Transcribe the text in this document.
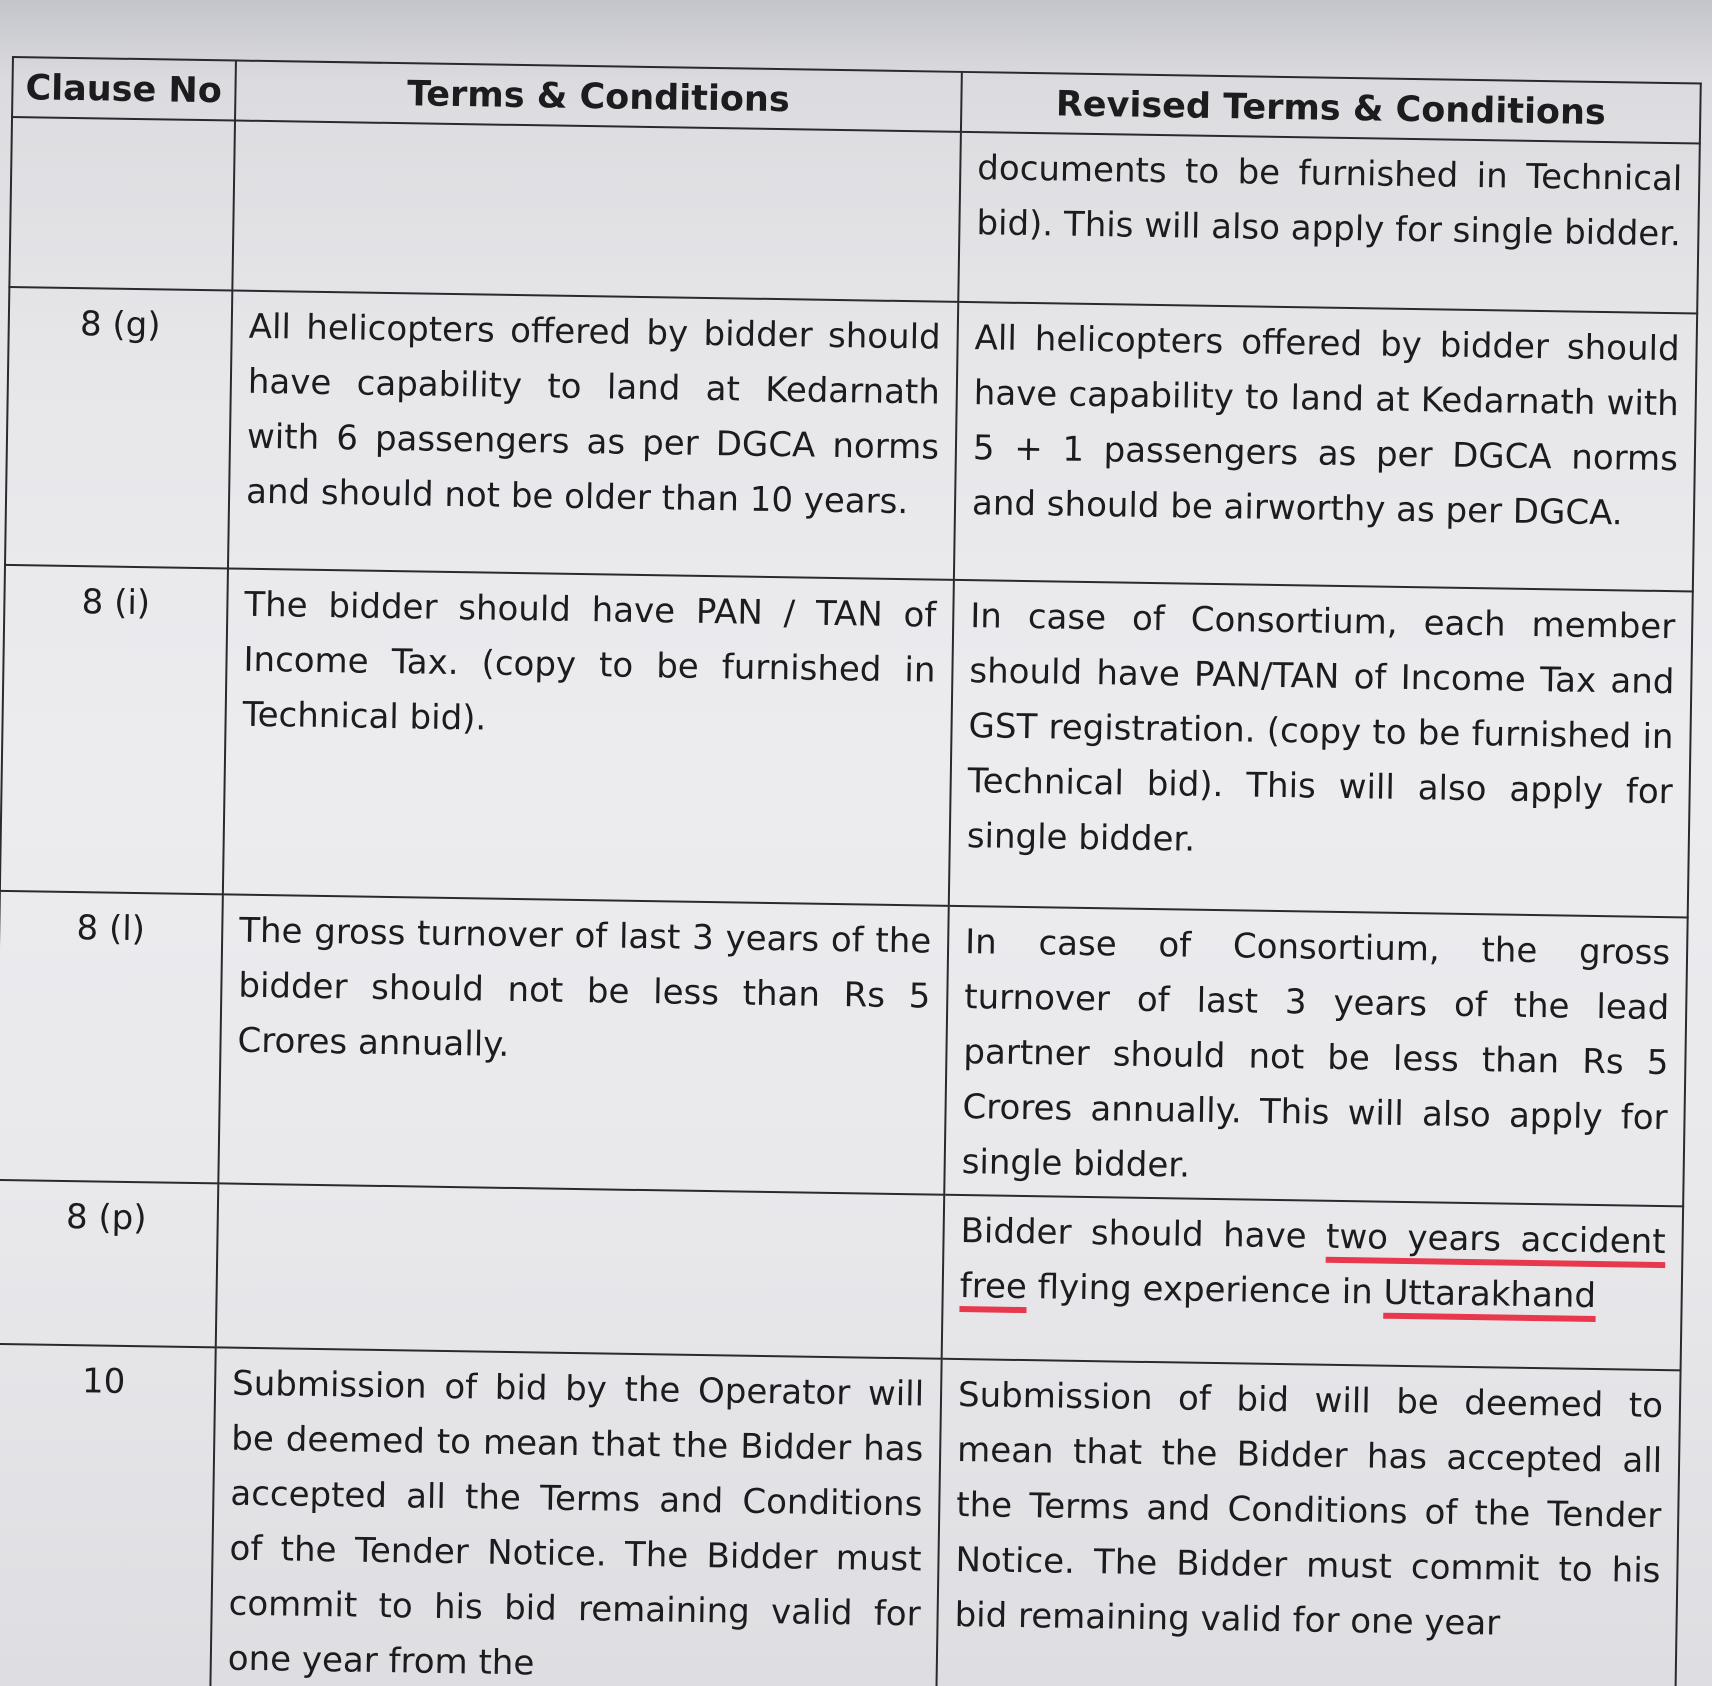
Clause No	Terms & Conditions	Revised Terms & Conditions
		documents to be furnished in Technical bid). This will also apply for single bidder.
8 (g)	All helicopters offered by bidder should have capability to land at Kedarnath with 6 passengers as per DGCA norms and should not be older than 10 years.	All helicopters offered by bidder should have capability to land at Kedarnath with 5 + 1 passengers as per DGCA norms and should be airworthy as per DGCA.
8 (i)	The bidder should have PAN / TAN of Income Tax. (copy to be furnished in Technical bid).	In case of Consortium, each member should have PAN/TAN of Income Tax and GST registration. (copy to be furnished in Technical bid). This will also apply for single bidder.
8 (l)	The gross turnover of last 3 years of the bidder should not be less than Rs 5 Crores annually.	In case of Consortium, the gross turnover of last 3 years of the lead partner should not be less than Rs 5 Crores annually. This will also apply for single bidder.
8 (p)		Bidder should have two years accident free flying experience in Uttarakhand
10	Submission of bid by the Operator will be deemed to mean that the Bidder has accepted all the Terms and Conditions of the Tender Notice. The Bidder must commit to his bid remaining valid for one year from the	Submission of bid will be deemed to mean that the Bidder has accepted all the Terms and Conditions of the Tender Notice. The Bidder must commit to his bid remaining valid for one year
